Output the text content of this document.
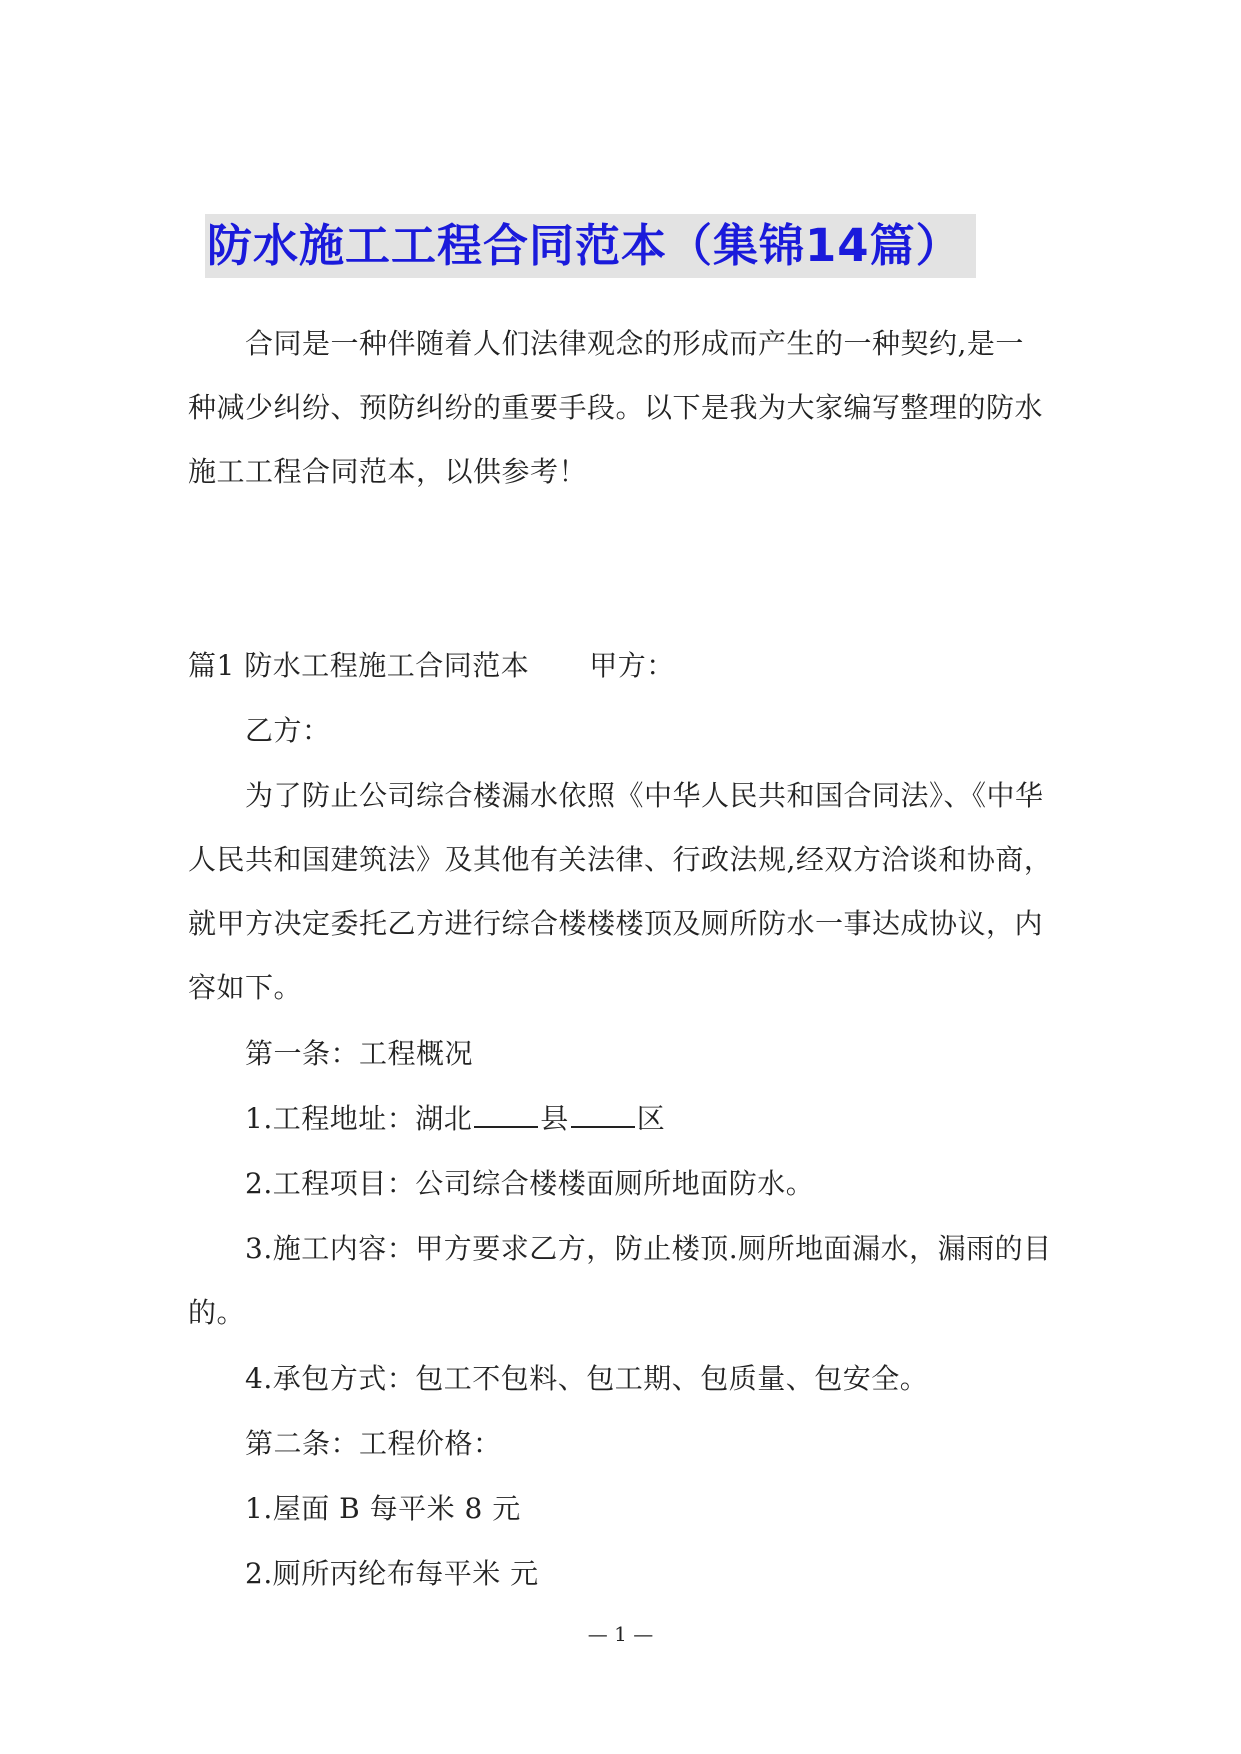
防水施工工程合同范本（集锦14篇）
合同是一种伴随着人们法律观念的形成而产生的一种契约,是一
种减少纠纷、预防纠纷的重要手段。以下是我为大家编写整理的防水
施工工程合同范本，以供参考！
篇1 防水工程施工合同范本 甲方：
乙方：
为了防止公司综合楼漏水依照《中华人民共和国合同法》、《中华
人民共和国建筑法》及其他有关法律、行政法规,经双方洽谈和协商，
就甲方决定委托乙方进行综合楼楼楼顶及厕所防水一事达成协议，内
容如下。
第一条：工程概况
1.工程地址：湖北 县 区
2.工程项目：公司综合楼楼面厕所地面防水。
3.施工内容：甲方要求乙方，防止楼顶.厕所地面漏水，漏雨的目
的。
4.承包方式：包工不包料、包工期、包质量、包安全。
第二条：工程价格：
1.屋面 B 每平米 8 元
2.厕所丙纶布每平米 元
— 1 —
